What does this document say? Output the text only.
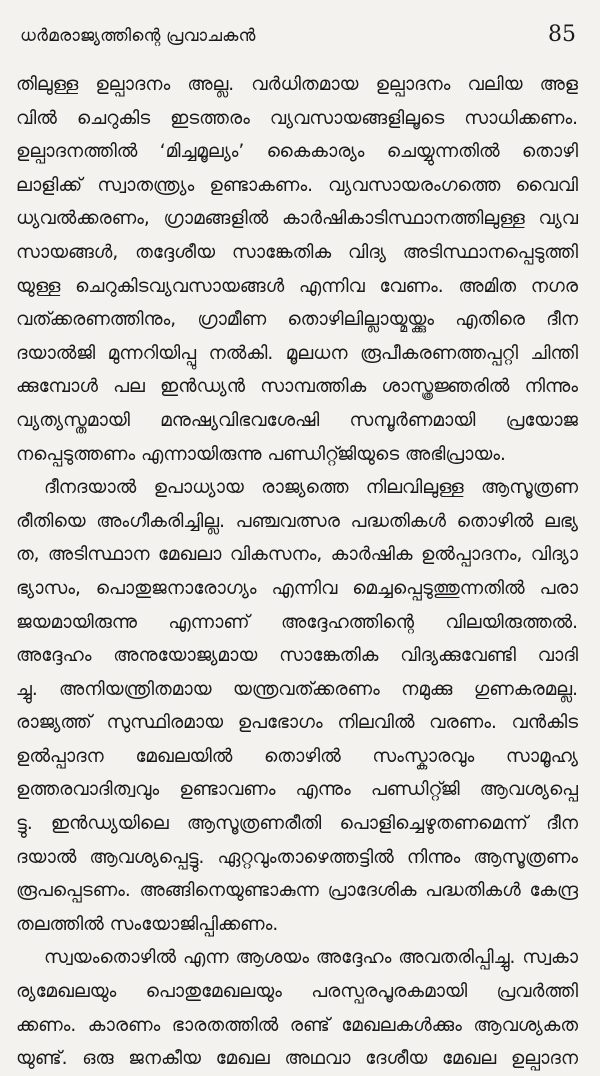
ധർമരാജ്യത്തിന്റെ പ്രവാചകൻ	85
തിലുള്ള ഉല്പാദനം അല്ല. വർധിതമായ ഉല്പാദനം വലിയ അള
വിൽ ചെറുകിട ഇടത്തരം വ്യവസായങ്ങളിലൂടെ സാധിക്കണം.
ഉല്പാദനത്തിൽ ‘മിച്ചമൂല്യം’ കൈകാര്യം ചെയ്യുന്നതിൽ തൊഴി
ലാളിക്ക് സ്വാതന്ത്ര്യം ഉണ്ടാകണം. വ്യവസായരംഗത്തെ വൈവി
ധ്യവൽക്കരണം, ഗ്രാമങ്ങളിൽ കാർഷികാടിസ്ഥാനത്തിലുള്ള വ്യവ
സായങ്ങൾ, തദ്ദേശീയ സാങ്കേതിക വിദ്യ അടിസ്ഥാനപ്പെടുത്തി
യുള്ള ചെറുകിടവ്യവസായങ്ങൾ എന്നിവ വേണം. അമിത നഗര
വത്ക്കരണത്തിനും, ഗ്രാമീണ തൊഴിലില്ലായ്മയ്ക്കും എതിരെ ദീന
ദയാൽജി മുന്നറിയിപ്പു നൽകി. മൂലധന രൂപീകരണത്തപ്പറ്റി ചിന്തി
ക്കുമ്പോൾ പല ഇൻഡ്യൻ സാമ്പത്തിക ശാസ്ത്രജ്ഞരിൽ നിന്നും
വ്യത്യസ്തമായി മനുഷ്യവിഭവശേഷി സമ്പൂർണമായി പ്രയോജ
നപ്പെടുത്തണം എന്നായിരുന്നു പണ്ഡിറ്റ്ജിയുടെ അഭിപ്രായം.
ദീനദയാൽ ഉപാധ്യായ രാജ്യത്തെ നിലവിലുള്ള ആസൂത്രണ
രീതിയെ അംഗീകരിച്ചില്ല. പഞ്ചവത്സര പദ്ധതികൾ തൊഴിൽ ലഭ്യ
ത, അടിസ്ഥാന മേഖലാ വികസനം, കാർഷിക ഉൽപ്പാദനം, വിദ്യാ
ഭ്യാസം, പൊതുജനാരോഗ്യം എന്നിവ മെച്ചപ്പെടുത്തുന്നതിൽ പരാ
ജയമായിരുന്നു എന്നാണ് അദ്ദേഹത്തിന്റെ വിലയിരുത്തൽ.
അദ്ദേഹം അനുയോജ്യമായ സാങ്കേതിക വിദ്യക്കുവേണ്ടി വാദി
ച്ചു. അനിയന്ത്രിതമായ യന്ത്രവത്ക്കരണം നമുക്കു ഗുണകരമല്ല.
രാജ്യത്ത് സുസ്ഥിരമായ ഉപഭോഗം നിലവിൽ വരണം. വൻകിട
ഉൽപ്പാദന മേഖലയിൽ തൊഴിൽ സംസ്കാരവും സാമൂഹ്യ
ഉത്തരവാദിത്വവും ഉണ്ടാവണം എന്നും പണ്ഡിറ്റ്ജി ആവശ്യപ്പെ
ട്ടു. ഇൻഡ്യയിലെ ആസൂത്രണരീതി പൊളിച്ചെഴുതണമെന്ന് ദീന
ദയാൽ ആവശ്യപ്പെട്ടു. ഏറ്റവുംതാഴെത്തട്ടിൽ നിന്നും ആസൂത്രണം
രൂപപ്പെടണം. അങ്ങിനെയുണ്ടാകുന്ന പ്രാദേശിക പദ്ധതികൾ കേന്ദ്ര
തലത്തിൽ സംയോജിപ്പിക്കണം.
സ്വയംതൊഴിൽ എന്ന ആശയം അദ്ദേഹം അവതരിപ്പിച്ചു. സ്വകാ
ര്യമേഖലയും പൊതുമേഖലയും പരസ്പരപൂരകമായി പ്രവർത്തി
ക്കണം. കാരണം ഭാരതത്തിൽ രണ്ട് മേഖലകൾക്കും ആവശ്യകത
യുണ്ട്. ഒരു ജനകീയ മേഖല അഥവാ ദേശീയ മേഖല ഉല്പാദന
